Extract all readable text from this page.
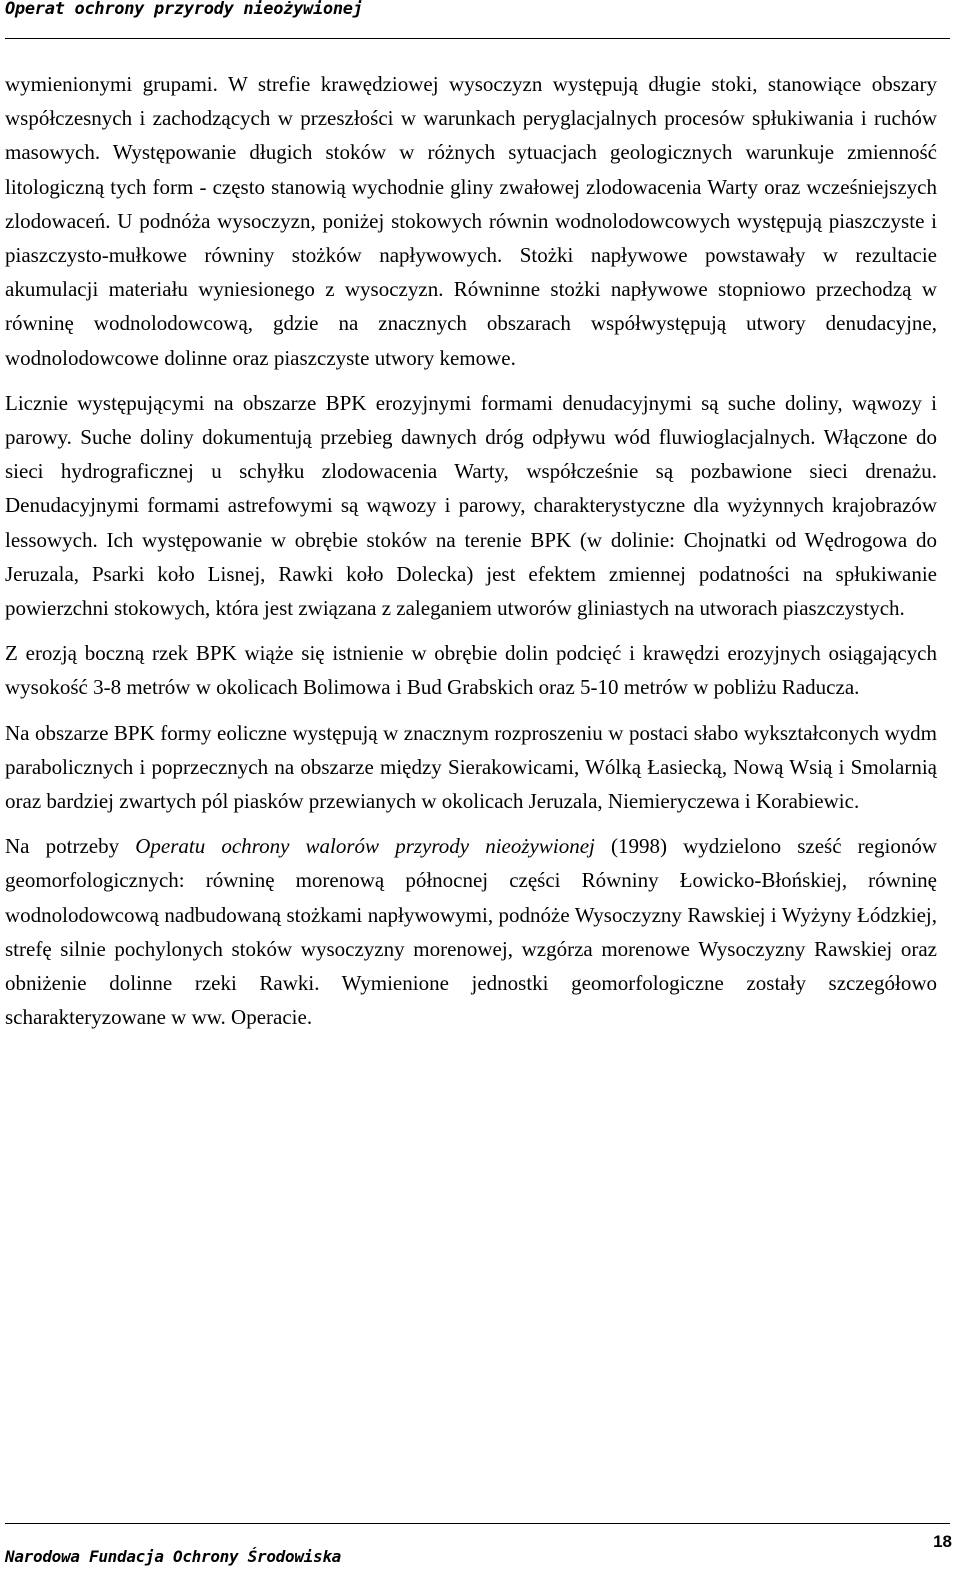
Operat ochrony przyrody nieożywionej

wymienionymi grupami. W strefie krawędziowej wysoczyzn występują długie stoki, stanowiące obszary współczesnych i zachodzących w przeszłości w warunkach peryglacjalnych procesów spłukiwania i ruchów masowych. Występowanie długich stoków w różnych sytuacjach geologicznych warunkuje zmienność litologiczną tych form - często stanowią wychodnie gliny zwałowej zlodowacenia Warty oraz wcześniejszych zlodowaceń. U podnóża wysoczyzn, poniżej stokowych równin wodnolodowcowych występują piaszczyste i piaszczysto-mułkowe równiny stożków napływowych. Stożki napływowe powstawały w rezultacie akumulacji materiału wyniesionego z wysoczyzn. Równinne stożki napływowe stopniowo przechodzą w równinę wodnolodowcową, gdzie na znacznych obszarach współwystępują utwory denudacyjne, wodnolodowcowe dolinne oraz piaszczyste utwory kemowe.

Licznie występującymi na obszarze BPK erozyjnymi formami denudacyjnymi są suche doliny, wąwozy i parowy. Suche doliny dokumentują przebieg dawnych dróg odpływu wód fluwioglacjalnych. Włączone do sieci hydrograficznej u schyłku zlodowacenia Warty, współcześnie są pozbawione sieci drenażu. Denudacyjnymi formami astrefowymi są wąwozy i parowy, charakterystyczne dla wyżynnych krajobrazów lessowych. Ich występowanie w obrębie stoków na terenie BPK (w dolinie: Chojnatki od Wędrogowa do Jeruzala, Psarki koło Lisnej, Rawki koło Dolecka) jest efektem zmiennej podatności na spłukiwanie powierzchni stokowych, która jest związana z zaleganiem utworów gliniastych na utworach piaszczystych.

Z erozją boczną rzek BPK wiąże się istnienie w obrębie dolin podcięć i krawędzi erozyjnych osiągających wysokość 3-8 metrów w okolicach Bolimowa i Bud Grabskich oraz 5-10 metrów w pobliżu Raducza.

Na obszarze BPK formy eoliczne występują w znacznym rozproszeniu w postaci słabo wykształconych wydm parabolicznych i poprzecznych na obszarze między Sierakowicami, Wólką Łasiecką, Nową Wsią i Smolarnią oraz bardziej zwartych pól piasków przewianych w okolicach Jeruzala, Niemieryczewa i Korabiewic.

Na potrzeby Operatu ochrony walorów przyrody nieożywionej (1998) wydzielono sześć regionów geomorfologicznych: równinę morenową północnej części Równiny Łowicko-Błońskiej, równinę wodnolodowcową nadbudowaną stożkami napływowymi, podnóże Wysoczyzny Rawskiej i Wyżyny Łódzkiej, strefę silnie pochylonych stoków wysoczyzny morenowej, wzgórza morenowe Wysoczyzny Rawskiej oraz obniżenie dolinne rzeki Rawki. Wymienione jednostki geomorfologiczne zostały szczegółowo scharakteryzowane w ww. Operacie.

Narodowa Fundacja Ochrony Środowiska
18
